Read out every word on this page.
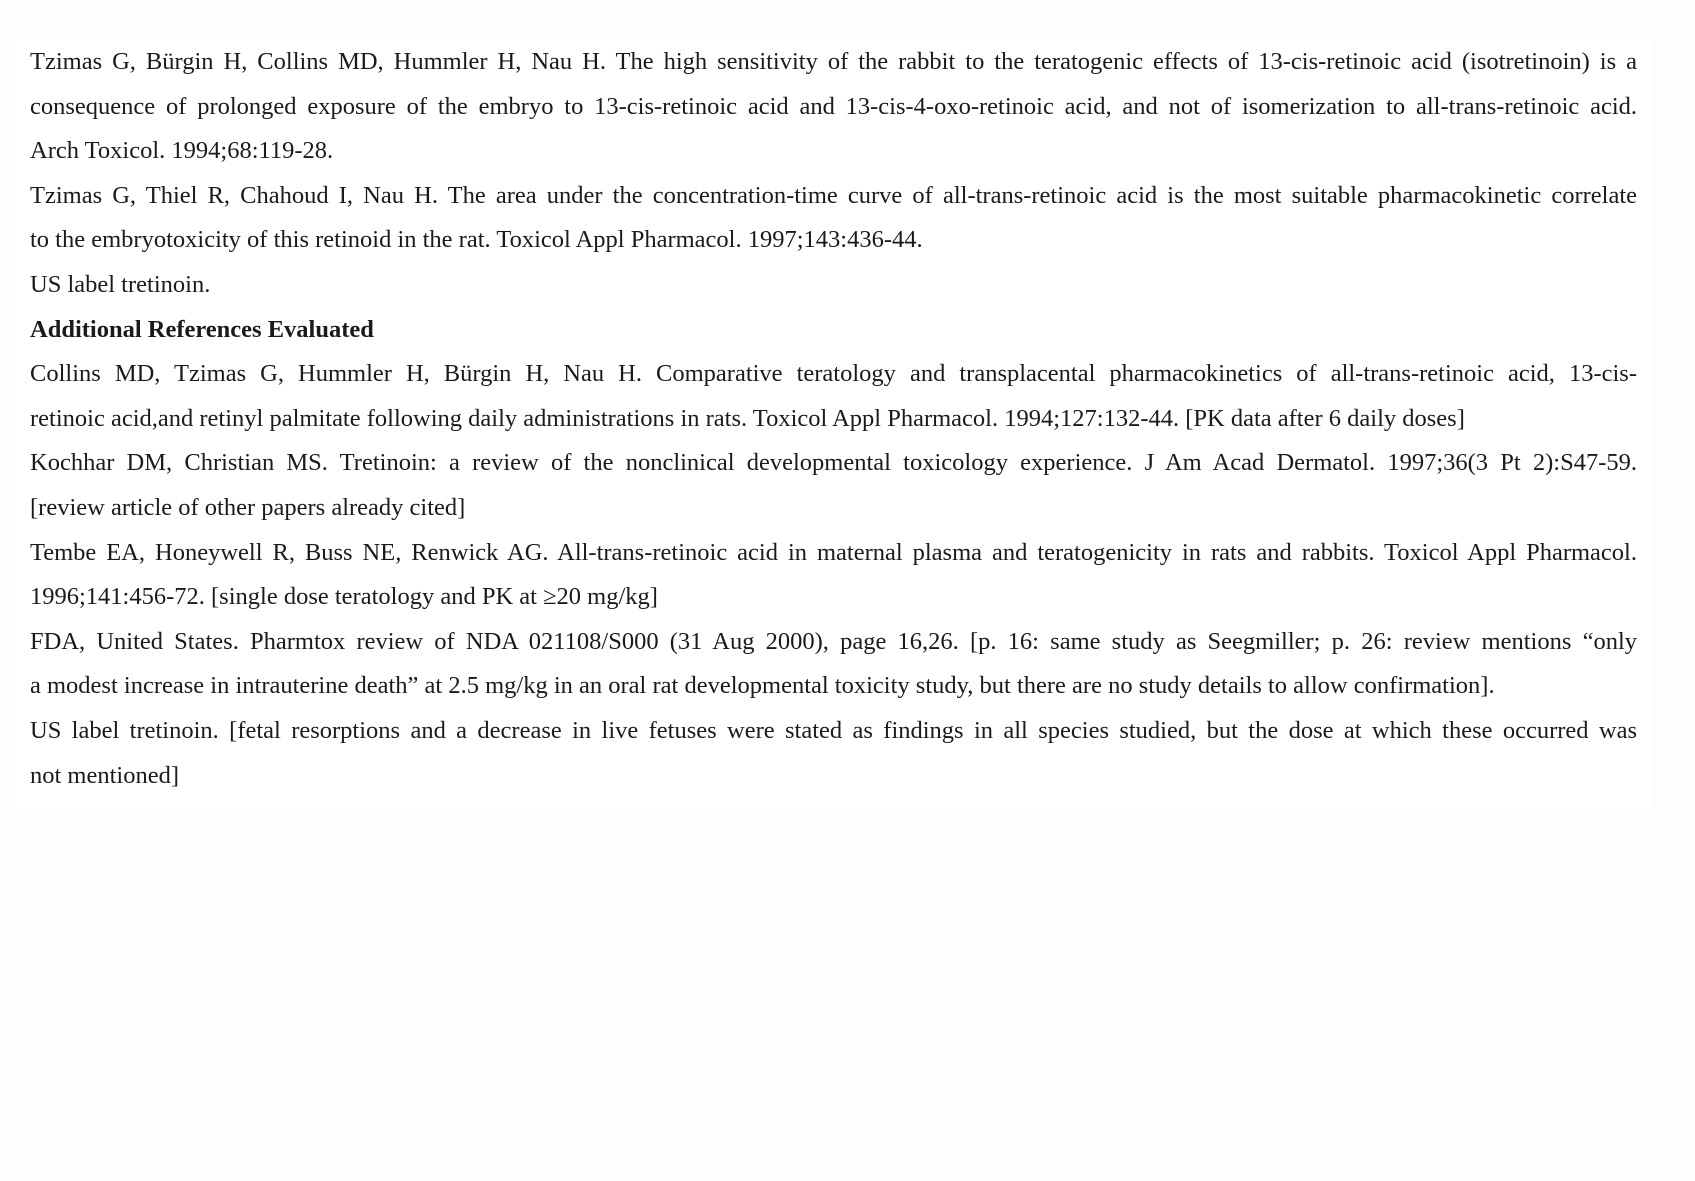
Tzimas G, Bürgin H, Collins MD, Hummler H, Nau H. The high sensitivity of the rabbit to the teratogenic effects of 13-cis-retinoic acid (isotretinoin) is a

consequence of prolonged exposure of the embryo to 13-cis-retinoic acid and 13-cis-4-oxo-retinoic acid, and not of isomerization to all-trans-retinoic acid.

Arch Toxicol. 1994;68:119-28.

Tzimas G, Thiel R, Chahoud I, Nau H. The area under the concentration-time curve of all-trans-retinoic acid is the most suitable pharmacokinetic correlate

to the embryotoxicity of this retinoid in the rat. Toxicol Appl Pharmacol. 1997;143:436-44.

US label tretinoin.

Additional References Evaluated

Collins MD, Tzimas G, Hummler H, Bürgin H, Nau H. Comparative teratology and transplacental pharmacokinetics of all-trans-retinoic acid, 13-cis-

retinoic acid,and retinyl palmitate following daily administrations in rats. Toxicol Appl Pharmacol. 1994;127:132-44. [PK data after 6 daily doses]

Kochhar DM, Christian MS. Tretinoin: a review of the nonclinical developmental toxicology experience. J Am Acad Dermatol. 1997;36(3 Pt 2):S47-59.

[review article of other papers already cited]

Tembe EA, Honeywell R, Buss NE, Renwick AG. All-trans-retinoic acid in maternal plasma and teratogenicity in rats and rabbits. Toxicol Appl Pharmacol.

1996;141:456-72. [single dose teratology and PK at ≥20 mg/kg]

FDA, United States. Pharmtox review of NDA 021108/S000 (31 Aug 2000), page 16,26. [p. 16: same study as Seegmiller; p. 26: review mentions “only

a modest increase in intrauterine death” at 2.5 mg/kg in an oral rat developmental toxicity study, but there are no study details to allow confirmation].

US label tretinoin. [fetal resorptions and a decrease in live fetuses were stated as findings in all species studied, but the dose at which these occurred was

not mentioned]
